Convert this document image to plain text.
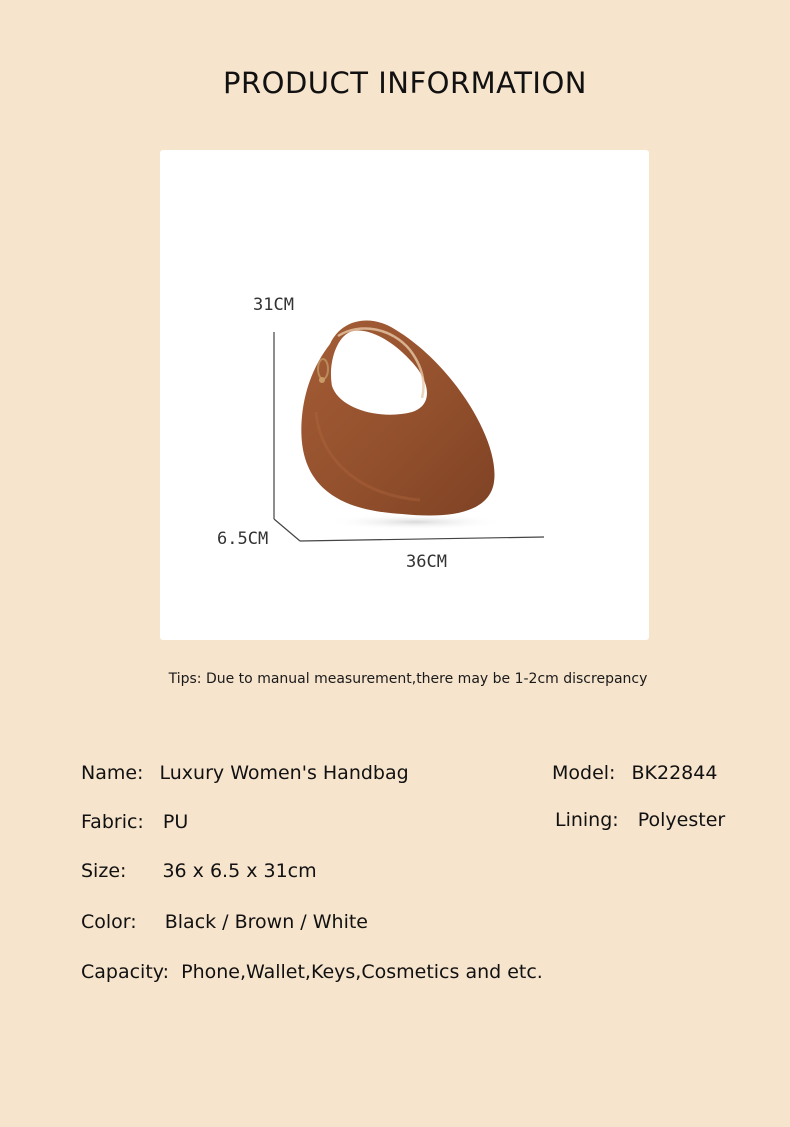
PRODUCT INFORMATION
31CM
6.5CM
36CM
Tips: Due to manual measurement,there may be 1-2cm discrepancy
Name: Luxury Women's Handbag	Model: BK22844
Fabric: PU	Lining: Polyester
Size: 36 x 6.5 x 31cm
Color: Black / Brown / White
Capacity: Phone,Wallet,Keys,Cosmetics and etc.
